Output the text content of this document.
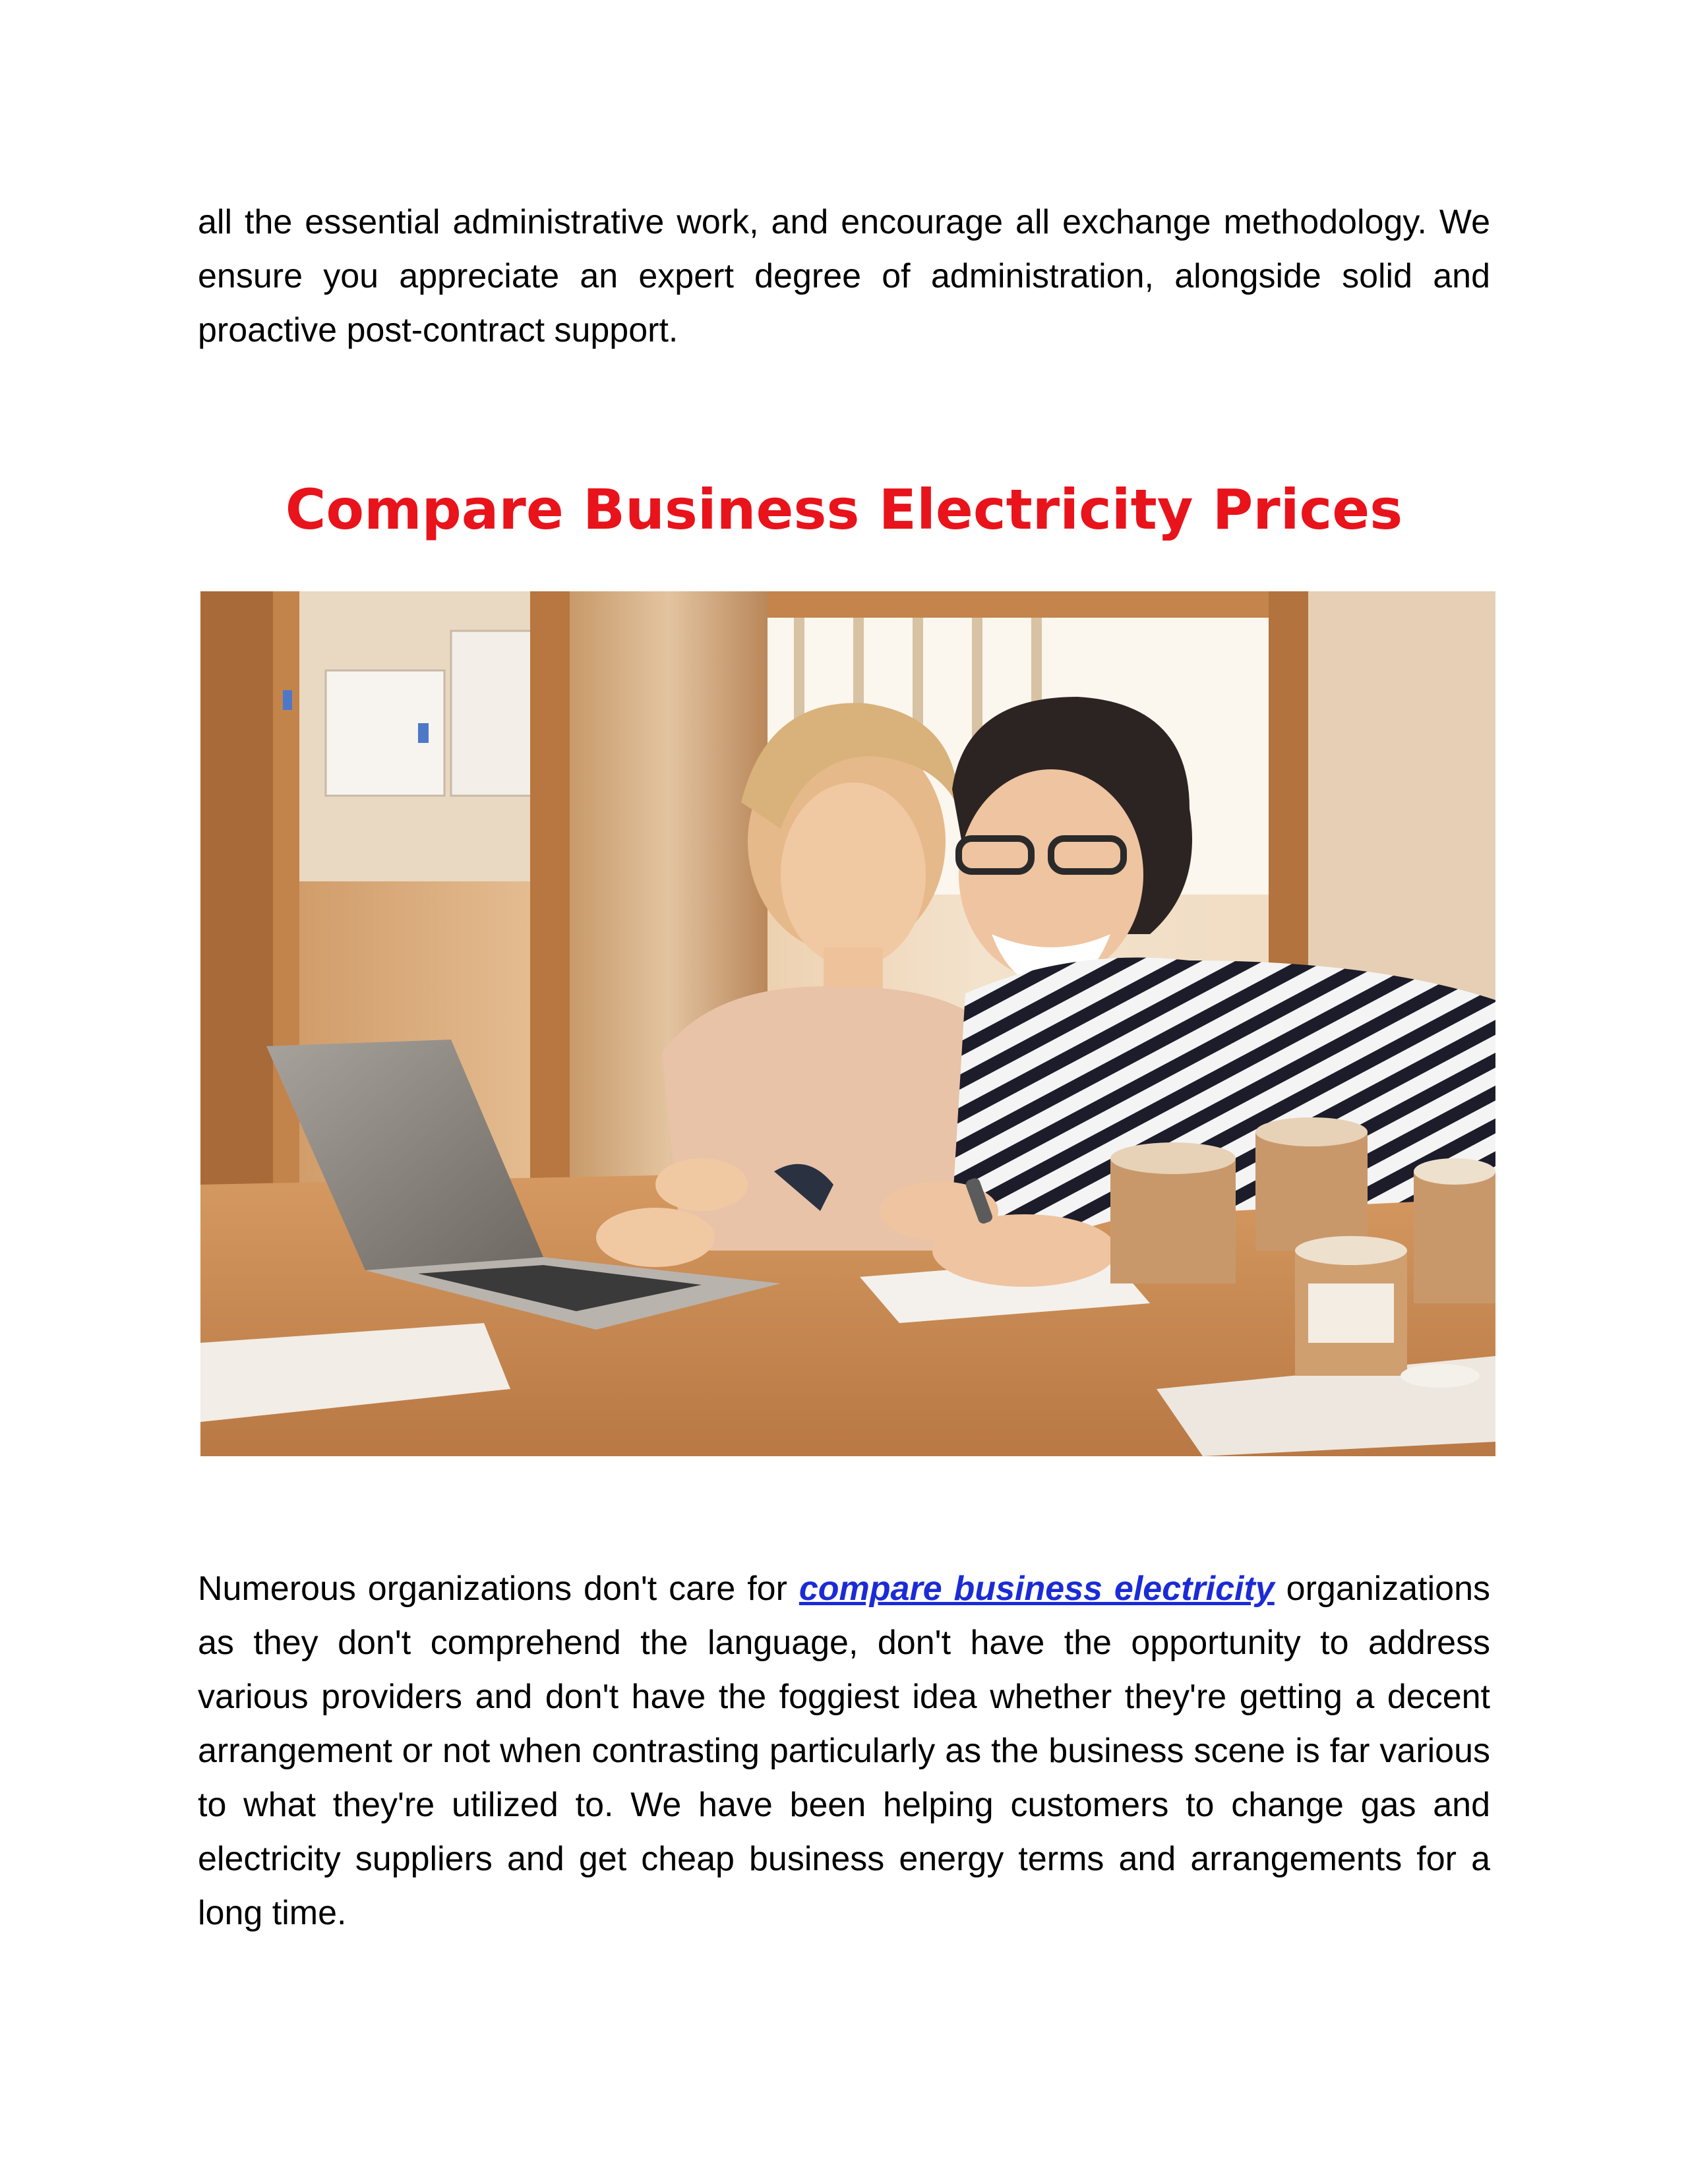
all the essential administrative work, and encourage all exchange methodology. We ensure you appreciate an expert degree of administration, alongside solid and proactive post-contract support.

Compare Business Electricity Prices

Numerous organizations don't care for compare business electricity organizations as they don't comprehend the language, don't have the opportunity to address various providers and don't have the foggiest idea whether they're getting a decent arrangement or not when contrasting particularly as the business scene is far various to what they're utilized to. We have been helping customers to change gas and electricity suppliers and get cheap business energy terms and arrangements for a long time.
